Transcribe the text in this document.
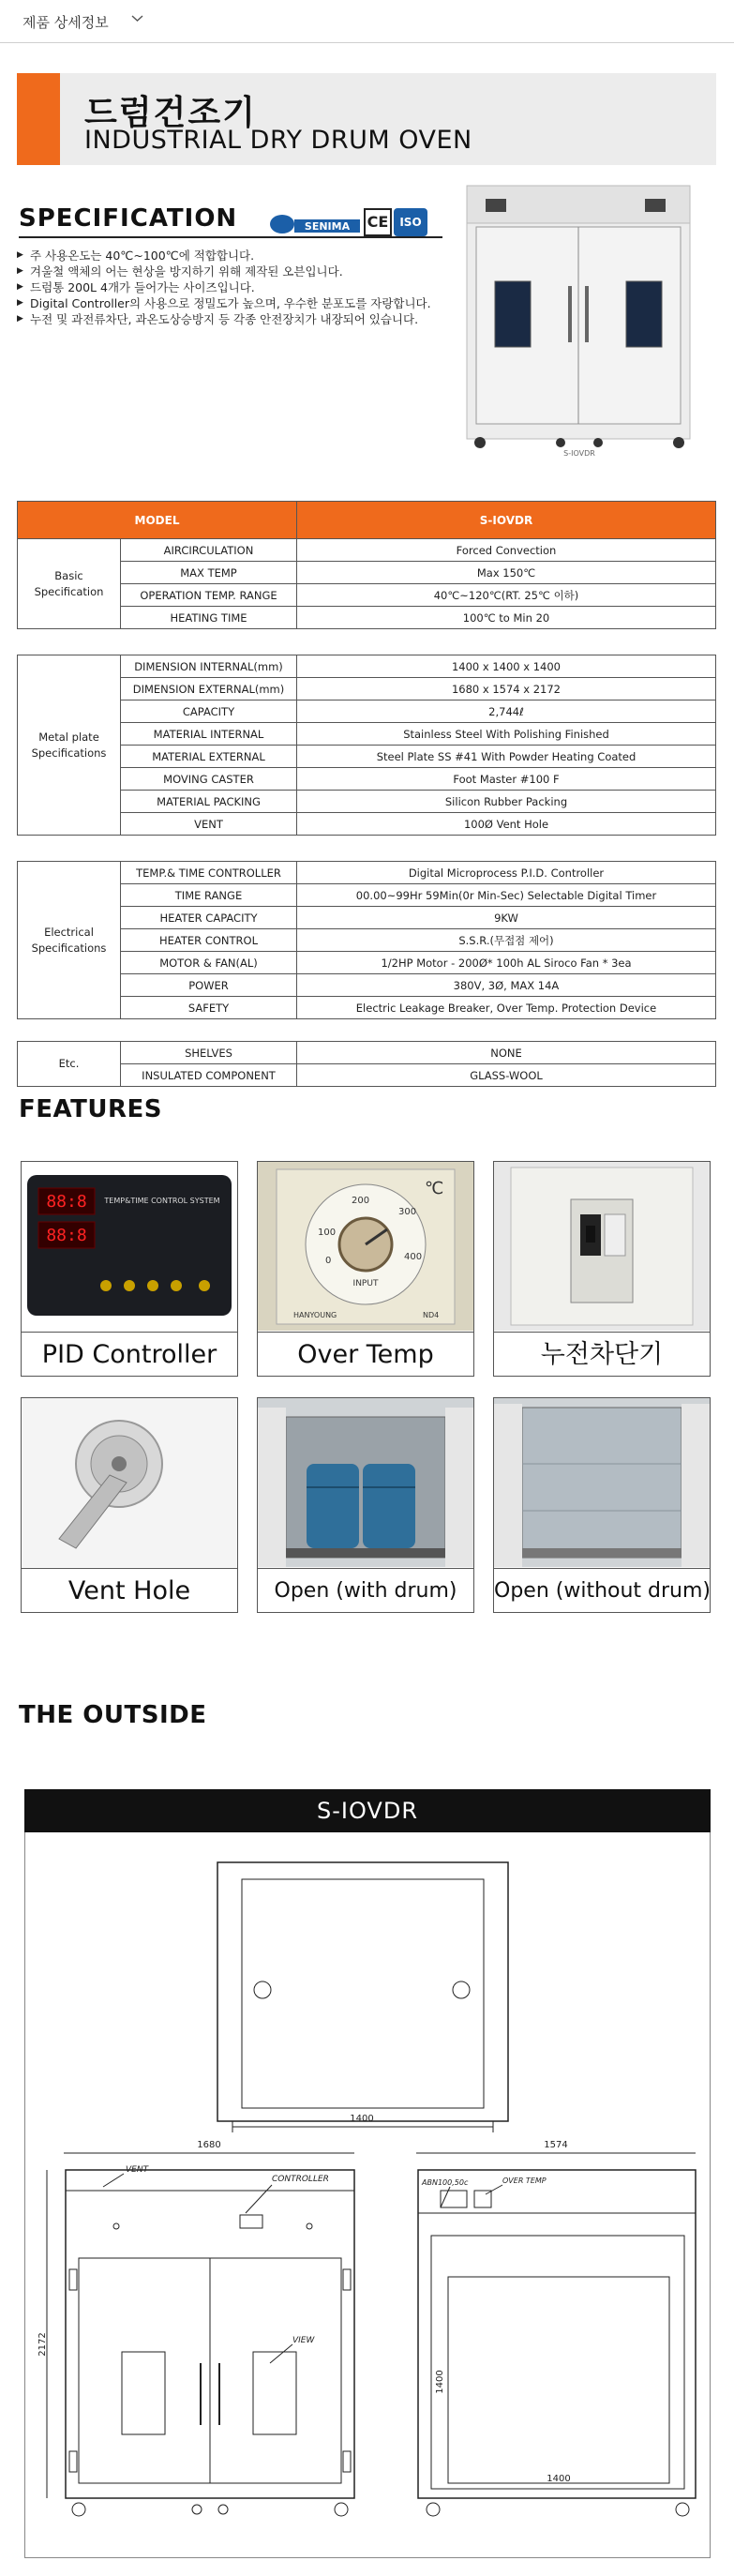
제품 상세정보
드럼건조기
INDUSTRIAL DRY DRUM OVEN
SPECIFICATION	SENIMA CE	ISO
▶ 주 사용온도는 40℃~100℃에 적합합니다.
▶ 겨울철 액체의 어는 현상을 방지하기 위해 제작된 오븐입니다.
▶ 드럼통 200L 4개가 들어가는 사이즈입니다.
▶ Digital Controller의 사용으로 정밀도가 높으며, 우수한 분포도를 자랑합니다.
▶ 누전 및 과전류차단, 과온도상승방지 등 각종 안전장치가 내장되어 있습니다.
S-IOVDR
MODEL		S-IOVDR
Basic
Specification	AIRCIRCULATION	Forced Convection
	MAX TEMP	Max 150℃
	OPERATION TEMP. RANGE	40℃~120℃(RT. 25℃ 이하)
	HEATING TIME	100℃ to Min 20

Metal plate
Specifications	DIMENSION INTERNAL(mm)	1400 x 1400 x 1400
	DIMENSION EXTERNAL(mm)	1680 x 1574 x 2172
	CAPACITY	2,744ℓ
	MATERIAL INTERNAL	Stainless Steel With Polishing Finished
	MATERIAL EXTERNAL	Steel Plate SS #41 With Powder Heating Coated
	MOVING CASTER	Foot Master #100 F
	MATERIAL PACKING	Silicon Rubber Packing
	VENT	100Ø Vent Hole

Electrical
Specifications	TEMP.& TIME CONTROLLER	Digital Microprocess P.I.D. Controller
	TIME RANGE	00.00~99Hr 59Min(0r Min-Sec) Selectable Digital Timer
	HEATER CAPACITY	9KW
	HEATER CONTROL	S.S.R.(무접점 제어)
	MOTOR & FAN(AL)	1/2HP Motor - 200Ø* 100h AL Siroco Fan * 3ea
	POWER	380V, 3Ø, MAX 14A
	SAFETY	Electric Leakage Breaker, Over Temp. Protection Device

Etc.	SHELVES	NONE
	INSULATED COMPONENT	GLASS-WOOL
FEATURES
88:8
88:8
TEMP&TIME CONTROL SYSTEM
PID Controller
0
100
200
300
400
INPUT
℃
HANYOUNG	ND4
Over Temp	누전차단기
Vent Hole	Open (with drum)	Open (without drum)
THE OUTSIDE
S-IOVDR
1400
1680	1574
2172
1400
1400
VENT
CONTROLLER
VIEW
ABN100,50c	OVER TEMP
